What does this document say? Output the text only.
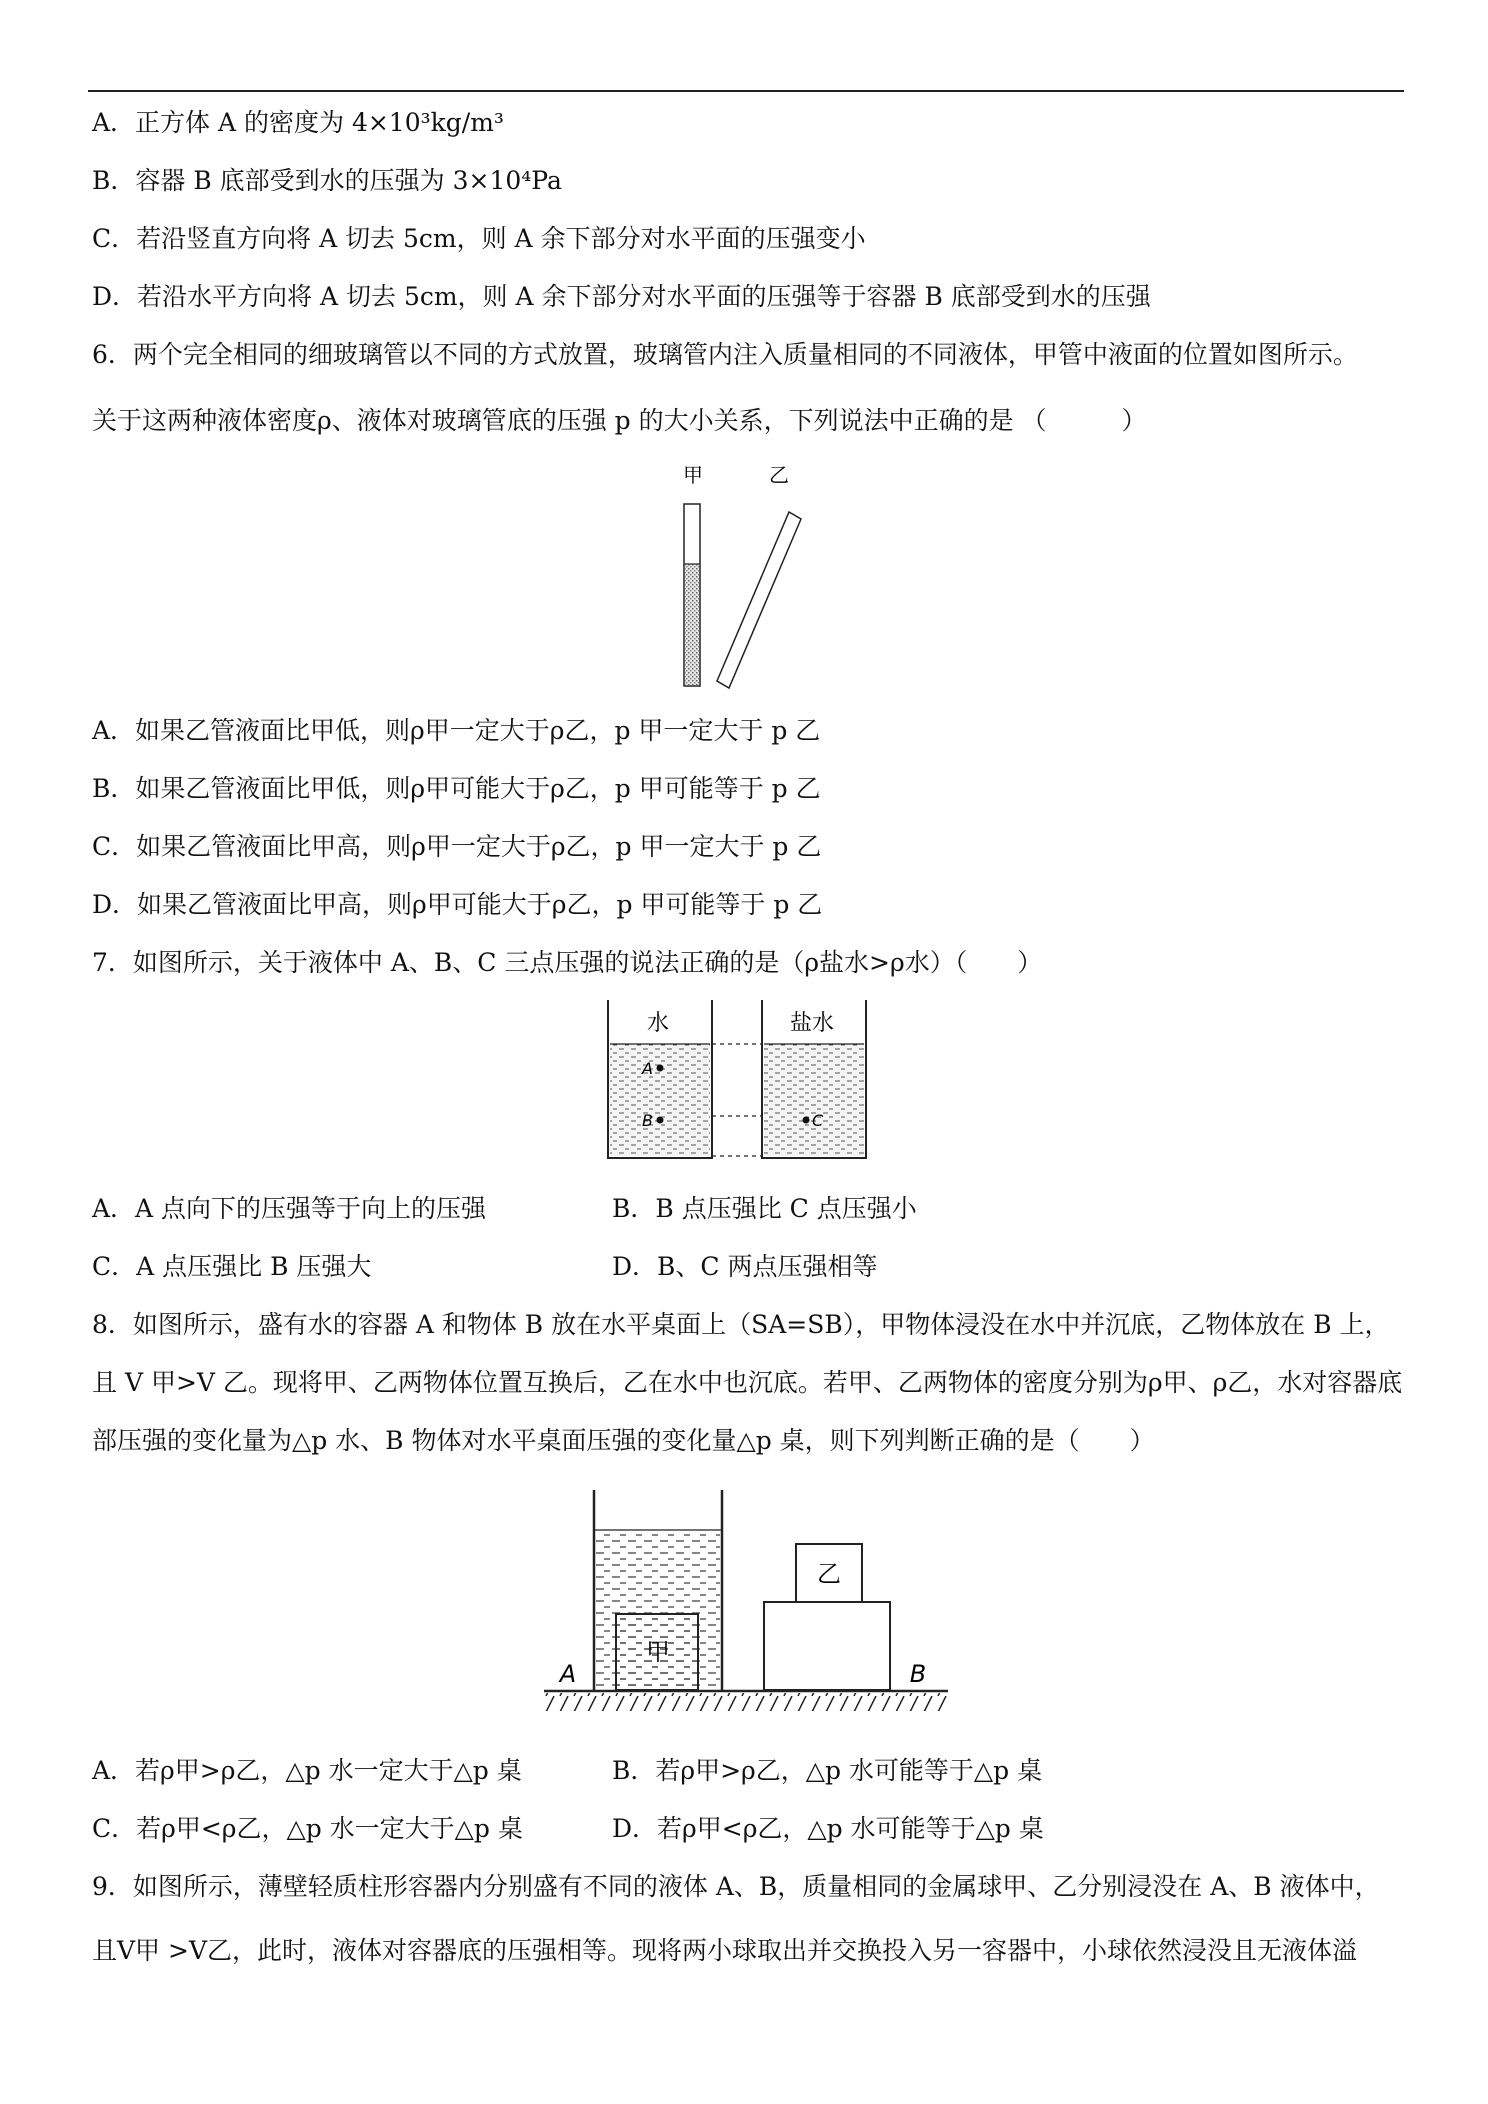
A．正方体 A 的密度为 4×10³kg/m³
B．容器 B 底部受到水的压强为 3×10⁴Pa
C．若沿竖直方向将 A 切去 5cm，则 A 余下部分对水平面的压强变小
D．若沿水平方向将 A 切去 5cm，则 A 余下部分对水平面的压强等于容器 B 底部受到水的压强
6．两个完全相同的细玻璃管以不同的方式放置，玻璃管内注入质量相同的不同液体，甲管中液面的位置如图所示。
关于这两种液体密度ρ、液体对玻璃管底的压强 p 的大小关系，下列说法中正确的是 （　　　）
甲	乙
A．如果乙管液面比甲低，则ρ甲一定大于ρ乙，p 甲一定大于 p 乙
B．如果乙管液面比甲低，则ρ甲可能大于ρ乙，p 甲可能等于 p 乙
C．如果乙管液面比甲高，则ρ甲一定大于ρ乙，p 甲一定大于 p 乙
D．如果乙管液面比甲高，则ρ甲可能大于ρ乙，p 甲可能等于 p 乙
7．如图所示，关于液体中 A、B、C 三点压强的说法正确的是（ρ盐水>ρ水）（　　）
水	盐水
A
B	C
A．A 点向下的压强等于向上的压强	B．B 点压强比 C 点压强小
C．A 点压强比 B 压强大	D．B、C 两点压强相等
8．如图所示，盛有水的容器 A 和物体 B 放在水平桌面上（SA=SB），甲物体浸没在水中并沉底，乙物体放在 B 上，
且 V 甲>V 乙。现将甲、乙两物体位置互换后，乙在水中也沉底。若甲、乙两物体的密度分别为ρ甲、ρ乙，水对容器底
部压强的变化量为△p 水、B 物体对水平桌面压强的变化量△p 桌，则下列判断正确的是（　　）
甲
A
乙
B
A．若ρ甲>ρ乙，△p 水一定大于△p 桌	B．若ρ甲>ρ乙，△p 水可能等于△p 桌
C．若ρ甲<ρ乙，△p 水一定大于△p 桌	D．若ρ甲<ρ乙，△p 水可能等于△p 桌
9．如图所示，薄壁轻质柱形容器内分别盛有不同的液体 A、B，质量相同的金属球甲、乙分别浸没在 A、B 液体中，
且V甲 >V乙，此时，液体对容器底的压强相等。现将两小球取出并交换投入另一容器中，小球依然浸没且无液体溢
